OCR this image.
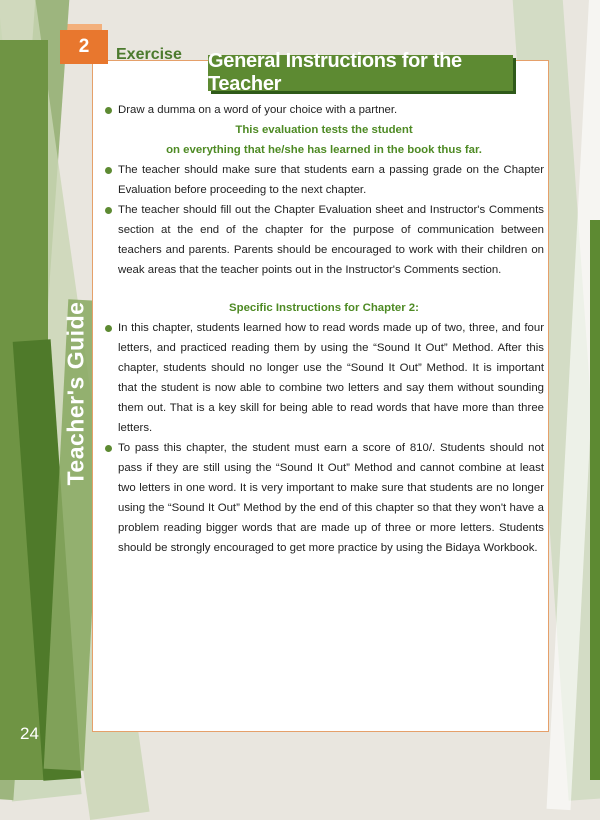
Teacher's Guide
24
2	Exercise General Instructions for the Teacher

Draw a dumma on a word of your choice with a partner.

This evaluation tests the student

on everything that he/she has learned in the book thus far.

The teacher should make sure that students earn a passing grade on the Chapter Evaluation before proceeding to the next chapter.

The teacher should fill out the Chapter Evaluation sheet and Instructor's Comments section at the end of the chapter for the purpose of communication between teachers and parents. Parents should be encouraged to work with their children on weak areas that the teacher points out in the Instructor's Comments section.

Specific Instructions for Chapter 2:

In this chapter, students learned how to read words made up of two, three, and four letters, and practiced reading them by using the “Sound It Out” Method. After this chapter, students should no longer use the “Sound It Out” Method. It is important that the student is now able to combine two letters and say them without sounding them out. That is a key skill for being able to read words that have more than three letters.

To pass this chapter, the student must earn a score of 810/. Students should not pass if they are still using the “Sound It Out” Method and cannot combine at least two letters in one word. It is very important to make sure that students are no longer using the “Sound It Out” Method by the end of this chapter so that they won't have a problem reading bigger words that are made up of three or more letters. Students should be strongly encouraged to get more practice by using the Bidaya Workbook.
